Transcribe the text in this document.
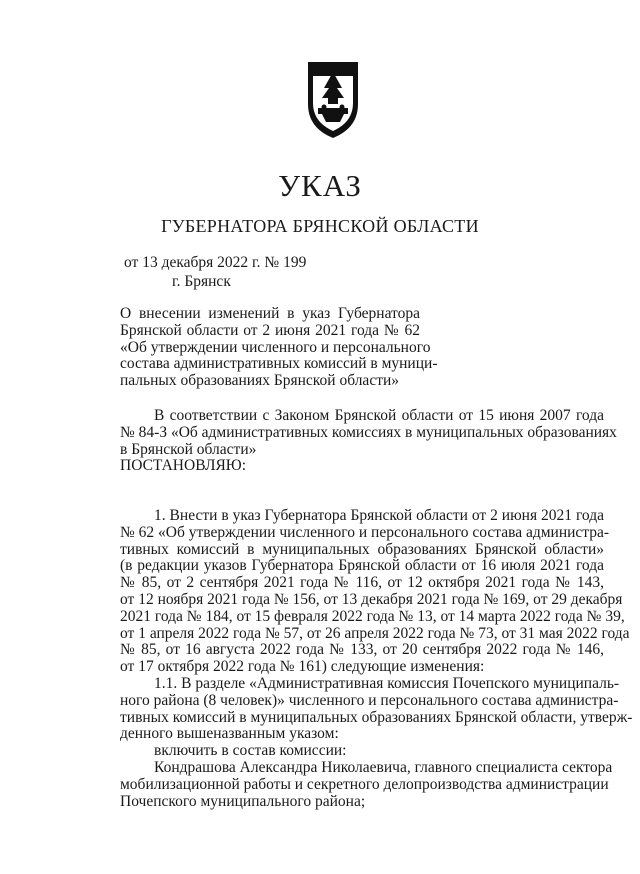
УКАЗ
ГУБЕРНАТОРА БРЯНСКОЙ ОБЛАСТИ
от 13 декабря 2022 г. № 199
г. Брянск
О внесении изменений в указ Губернатора
Брянской области от 2 июня 2021 года № 62
«Об утверждении численного и персонального
состава административных комиссий в муници-
пальных образованиях Брянской области»
В соответствии с Законом Брянской области от 15 июня 2007 года
№ 84-З «Об административных комиссиях в муниципальных образованиях
в Брянской области»
ПОСТАНОВЛЯЮ:
1. Внести в указ Губернатора Брянской области от 2 июня 2021 года
№ 62 «Об утверждении численного и персонального состава администра-
тивных комиссий в муниципальных образованиях Брянской области»
(в редакции указов Губернатора Брянской области от 16 июля 2021 года
№ 85, от 2 сентября 2021 года № 116, от 12 октября 2021 года № 143,
от 12 ноября 2021 года № 156, от 13 декабря 2021 года № 169, от 29 декабря
2021 года № 184, от 15 февраля 2022 года № 13, от 14 марта 2022 года № 39,
от 1 апреля 2022 года № 57, от 26 апреля 2022 года № 73, от 31 мая 2022 года
№ 85, от 16 августа 2022 года № 133, от 20 сентября 2022 года № 146,
от 17 октября 2022 года № 161) следующие изменения:
1.1. В разделе «Административная комиссия Почепского муниципаль-
ного района (8 человек)» численного и персонального состава администра-
тивных комиссий в муниципальных образованиях Брянской области, утверж-
денного вышеназванным указом:
включить в состав комиссии:
Кондрашова Александра Николаевича, главного специалиста сектора
мобилизационной работы и секретного делопроизводства администрации
Почепского муниципального района;
